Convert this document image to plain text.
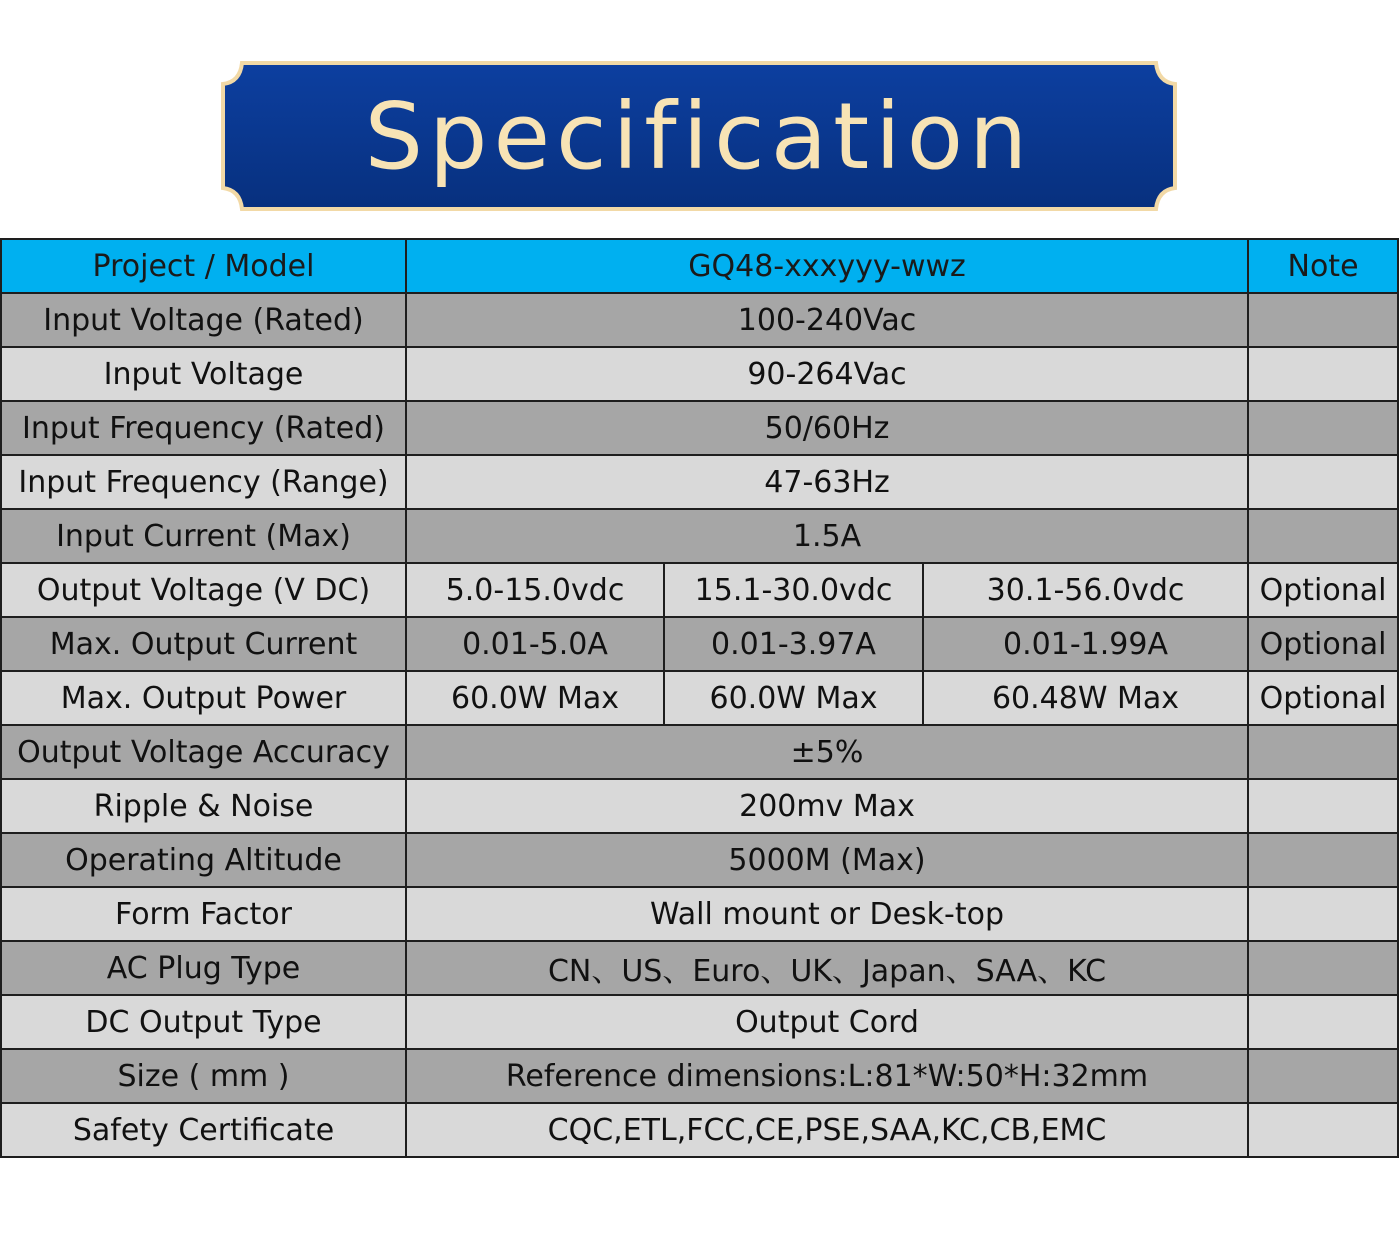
Specification
Project / Model	GQ48-xxxyyy-wwz			Note
Input Voltage (Rated)	100-240Vac			
Input Voltage	90-264Vac			
Input Frequency (Rated)	50/60Hz			
Input Frequency (Range)	47-63Hz			
Input Current (Max)	1.5A			
Output Voltage (V DC)	5.0-15.0vdc	15.1-30.0vdc	30.1-56.0vdc	Optional
Max. Output Current	0.01-5.0A	0.01-3.97A	0.01-1.99A	Optional
Max. Output Power	60.0W Max	60.0W Max	60.48W Max	Optional
Output Voltage Accuracy	±5%			
Ripple & Noise	200mv Max			
Operating Altitude	5000M (Max)			
Form Factor	Wall mount or Desk-top			
AC Plug Type	CN、US、Euro、UK、Japan、SAA、KC			
DC Output Type	Output Cord			
Size ( mm )	Reference dimensions:L:81*W:50*H:32mm			
Safety Certificate	CQC,ETL,FCC,CE,PSE,SAA,KC,CB,EMC			
